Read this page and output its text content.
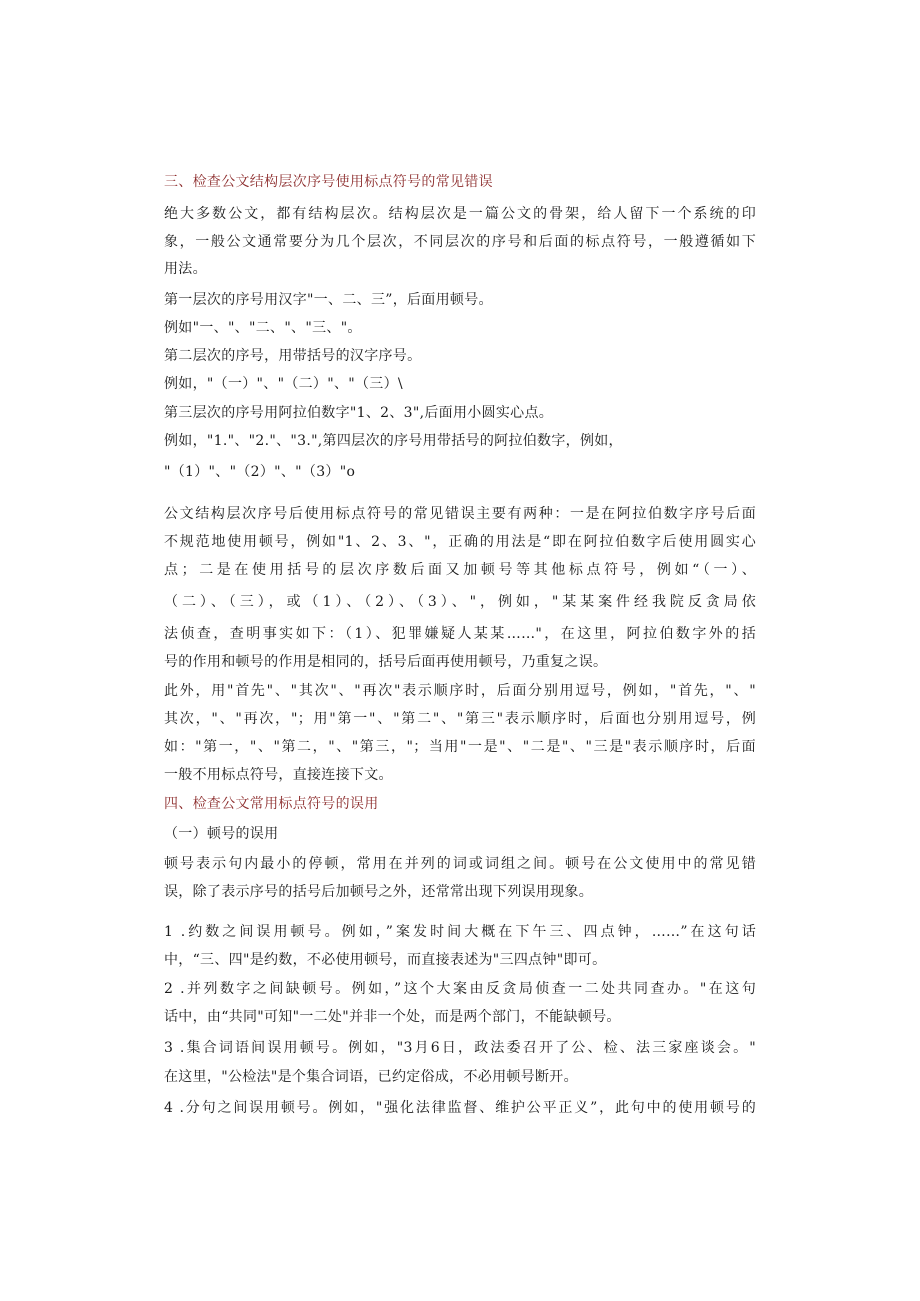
三、检查公文结构层次序号使用标点符号的常见错误
绝大多数公文，都有结构层次。结构层次是一篇公文的骨架，给人留下一个系统的印
象，一般公文通常要分为几个层次，不同层次的序号和后面的标点符号，一般遵循如下
用法。
第一层次的序号用汉字"一、二、三”，后面用顿号。
例如"一、"、"二、"、"三、"。
第二层次的序号，用带括号的汉字序号。
例如，"（一）"、"（二）"、"（三）\
第三层次的序号用阿拉伯数字"1、2、3",后面用小圆实心点。
例如，"1."、"2."、"3.",第四层次的序号用带括号的阿拉伯数字，例如，
"（1）"、"（2）"、"（3）"o
公文结构层次序号后使用标点符号的常见错误主要有两种：一是在阿拉伯数字序号后面
不规范地使用顿号，例如"1、2、3、"，正确的用法是“即在阿拉伯数字后使用圆实心
点；二是在使用括号的层次序数后面又加顿号等其他标点符号，例如“（一）、
（二）、（三），或（1）、（2）、（3）、"，例如，"某某案件经我院反贪局依
法侦查，查明事实如下：（1）、犯罪嫌疑人某某……"，在这里，阿拉伯数字外的括
号的作用和顿号的作用是相同的，括号后面再使用顿号，乃重复之误。
此外，用"首先"、"其次"、"再次"表示顺序时，后面分别用逗号，例如，"首先，"、"
其次，"、"再次，"；用"第一"、"第二"、"第三"表示顺序时，后面也分别用逗号，例
如："第一，"、"第二，"、"第三，"；当用"一是"、"二是"、"三是"表示顺序时，后面
一般不用标点符号，直接连接下文。
四、检查公文常用标点符号的误用
（一）顿号的误用
顿号表示句内最小的停顿，常用在并列的词或词组之间。顿号在公文使用中的常见错
误，除了表示序号的括号后加顿号之外，还常常出现下列误用现象。
1 .约数之间误用顿号。例如，”案发时间大概在下午三、四点钟，……”在这句话
中，“三、四"是约数，不必使用顿号，而直接表述为"三四点钟"即可。
2 .并列数字之间缺顿号。例如，”这个大案由反贪局侦查一二处共同查办。"在这句
话中，由“共同"可知"一二处"并非一个处，而是两个部门，不能缺顿号。
3 .集合词语间误用顿号。例如，"3月6日，政法委召开了公、检、法三家座谈会。"
在这里，"公检法"是个集合词语，已约定俗成，不必用顿号断开。
4 .分句之间误用顿号。例如，"强化法律监督、维护公平正义”，此句中的使用顿号的
